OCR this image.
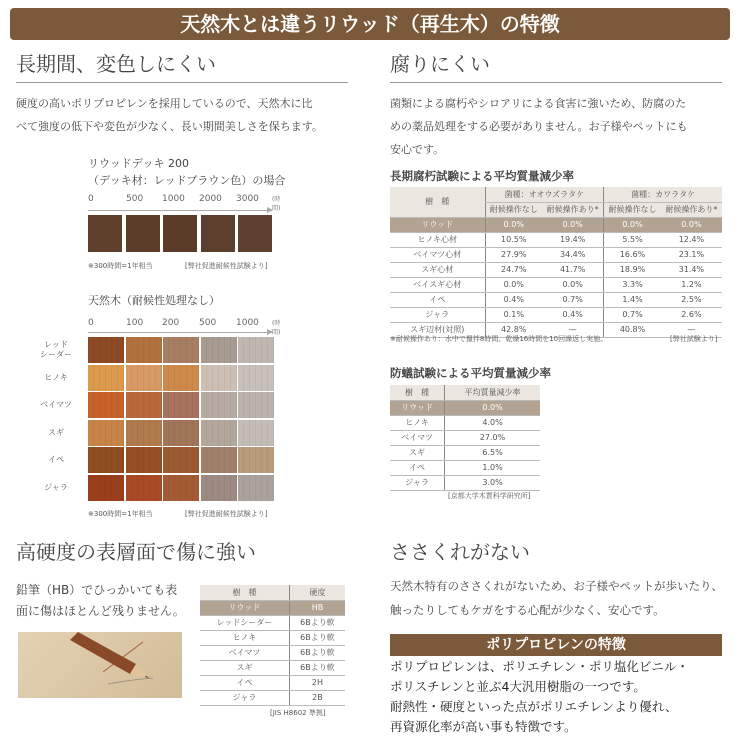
天然木とは違うリウッド（再生木）の特徴
長期間、変色しにくい
硬度の高いポリプロピレンを採用しているので、天然木に比
べて強度の低下や変色が少なく、長い期間美しさを保ちます。
リウッドデッキ 200
（デッキ材：レッドブラウン色）の場合
0	500 1000 2000 3000 (時間)
※300時間=1年相当	[弊社促進耐候性試験より]
天然木（耐候性処理なし）
0	100 200 500 1000 (時間)
レッド
シーダー
ヒノキ
ベイマツ
スギ
イペ
ジャラ
※300時間=1年相当	[弊社促進耐候性試験より]
高硬度の表層面で傷に強い
鉛筆（HB）でひっかいても表
面に傷はほとんど残りません。
樹　種	硬度
リウッド	HB
レッドシーダー	6Bより軟
ヒノキ	6Bより軟
ベイマツ	6Bより軟
スギ	6Bより軟
イペ	2H
ジャラ	2B
[JIS H8602 準拠]
腐りにくい
菌類による腐朽やシロアリによる食害に強いため、防腐のた
めの薬品処理をする必要がありません。お子様やペットにも
安心です。
長期腐朽試験による平均質量減少率
樹　種	菌種：オオウズラタケ		菌種：カワラタケ	
	耐候操作なし	耐候操作あり*	耐候操作なし	耐候操作あり*
リウッド	0.0%	0.0%	0.0%	0.0%
ヒノキ心材	10.5%	19.4%	5.5%	12.4%
ベイマツ心材	27.9%	34.4%	16.6%	23.1%
スギ心材	24.7%	41.7%	18.9%	31.4%
ベイスギ心材	0.0%	0.0%	3.3%	1.2%
イペ	0.4%	0.7%	1.4%	2.5%
ジャラ	0.1%	0.4%	0.7%	2.6%
スギ辺材(対照)	42.8%	—	40.8%	—
※耐候操作あり：水中で攪拌8時間、乾燥16時間を10回繰返し実施。	[弊社試験より]
防蟻試験による平均質量減少率
樹　種	平均質量減少率
リウッド	0.0%
ヒノキ	4.0%
ベイマツ	27.0%
スギ	6.5%
イペ	1.0%
ジャラ	3.0%
[京都大学木質科学研究所]
ささくれがない
天然木特有のささくれがないため、お子様やペットが歩いたり、
触ったりしてもケガをする心配が少なく、安心です。
ポリプロピレンの特徴
ポリプロピレンは、ポリエチレン・ポリ塩化ビニル・
ポリスチレンと並ぶ4大汎用樹脂の一つです。
耐熱性・硬度といった点がポリエチレンより優れ、
再資源化率が高い事も特徴です。
